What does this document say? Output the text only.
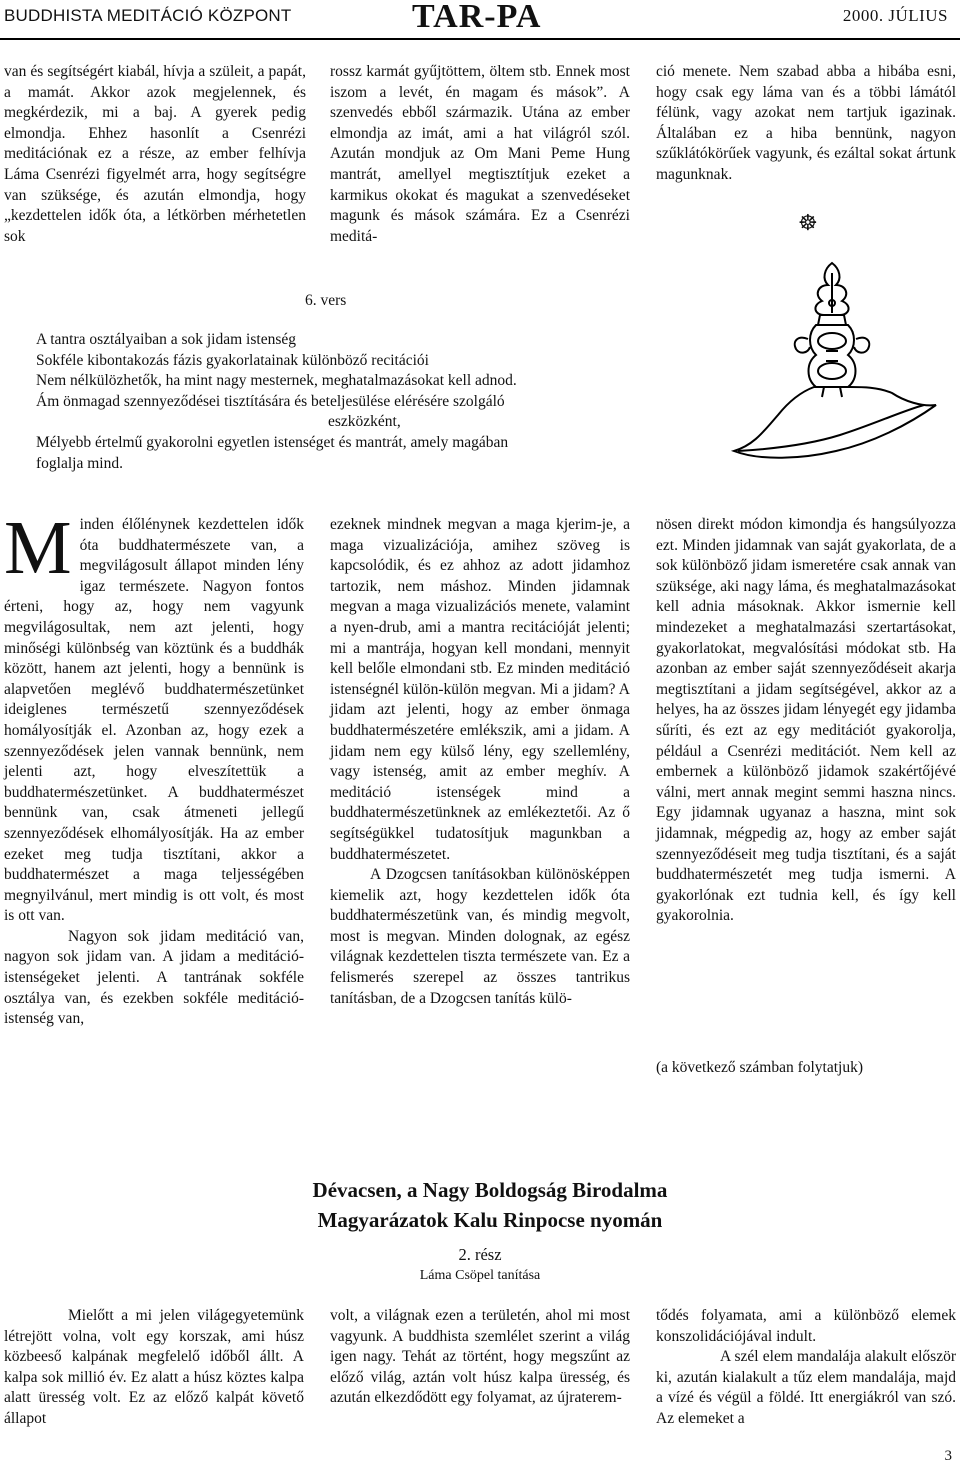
BUDDHISTA MEDITÁCIÓ KÖZPONT	TAR-PA	2000. JÚLIUS

van és segítségért kiabál, hívja a szüleit, a papát, a mamát. Akkor azok megjelennek, és megkérdezik, mi a baj. A gyerek pedig elmondja. Ehhez hasonlít a Csenrézi meditációnak ez a része, az ember felhívja Láma Csenrézi figyelmét arra, hogy segítségre van szüksége, és azután elmondja, hogy „kezdettelen idők óta, a létkörben mérhetetlen sok

rossz karmát gyűjtöttem, öltem stb. Ennek most iszom a levét, én magam és mások”. A szenvedés ebből származik. Utána az ember elmondja az imát, ami a hat világról szól. Azután mondjuk az Om Mani Peme Hung mantrát, amellyel megtisztítjuk ezeket a karmikus okokat és magukat a szenvedéseket magunk és mások számára. Ez a Csenrézi meditá-

ció menete. Nem szabad abba a hibába esni, hogy csak egy láma van és a többi lámától félünk, vagy azokat nem tartjuk igazinak. Általában ez a hiba bennünk, nagyon szűklátókörűek vagyunk, és ezáltal sokat ártunk magunknak.

☸
6. vers
A tantra osztályaiban a sok jidam istenség
Sokféle kibontakozás fázis gyakorlatainak különböző recitációi
Nem nélkülözhetők, ha mint nagy mesternek, meghatalmazásokat kell adnod.
Ám önmagad szennyeződései tisztítására és beteljesülése elérésére szolgáló
eszközként,
Mélyebb értelmű gyakorolni egyetlen istenséget és mantrát, amely magában
foglalja mind.

Minden élőlénynek kezdettelen idők óta buddhatermészete van, a megvilágosult állapot minden lény igaz természete. Nagyon fontos érteni, hogy az, hogy nem vagyunk megvilágosultak, nem azt jelenti, hogy minőségi különbség van köztünk és a buddhák között, hanem azt jelenti, hogy a bennünk is alapvetően meglévő buddhatermészetünket ideiglenes természetű szennyeződések homályosítják el. Azonban az, hogy ezek a szennyeződések jelen vannak bennünk, nem jelenti azt, hogy elveszítettük a buddhatermészetünket. A buddhatermészet bennünk van, csak átmeneti jellegű szennyeződések elhomályosítják. Ha az ember ezeket meg tudja tisztítani, akkor a buddhatermészet a maga teljességében megnyilvánul, mert mindig is ott volt, és most is ott van.

Nagyon sok jidam meditáció van, nagyon sok jidam van. A jidam a meditáció-istenségeket jelenti. A tantrának sokféle osztálya van, és ezekben sokféle meditáció-istenség van,

ezeknek mindnek megvan a maga kjerim-je, a maga vizualizációja, amihez szöveg is kapcsolódik, és ez ahhoz az adott jidamhoz tartozik, nem máshoz. Minden jidamnak megvan a maga vizualizációs menete, valamint a nyen-drub, ami a mantra recitációját jelenti; mi a mantrája, hogyan kell mondani, mennyit kell belőle elmondani stb. Ez minden meditáció istenségnél külön-külön megvan. Mi a jidam? A jidam azt jelenti, hogy az ember önmaga buddhatermészetére emlékszik, ami a jidam. A jidam nem egy külső lény, egy szellemlény, vagy istenség, amit az ember meghív. A meditáció istenségek mind a buddhatermészetünknek az emlékeztetői. Az ő segítségükkel tudatosítjuk magunkban a buddhatermészetet.

A Dzogcsen tanításokban különösképpen kiemelik azt, hogy kezdettelen idők óta buddhatermészetünk van, és mindig megvolt, most is megvan. Minden dolognak, az egész világnak kezdettelen tiszta természete van. Ez a felismerés szerepel az összes tantrikus tanításban, de a Dzogcsen tanítás külö-

nösen direkt módon kimondja és hangsúlyozza ezt. Minden jidamnak van saját gyakorlata, de a sok különböző jidam ismeretére csak annak van szüksége, aki nagy láma, és meghatalmazásokat kell adnia másoknak. Akkor ismernie kell mindezeket a meghatalmazási szertartásokat, gyakorlatokat, megvalósítási módokat stb. Ha azonban az ember saját szennyeződéseit akarja megtisztítani a jidam segítségével, akkor az a helyes, ha az összes jidam lényegét egy jidamba sűríti, és ezt az egy meditációt gyakorolja, például a Csenrézi meditációt. Nem kell az embernek a különböző jidamok szakértőjévé válni, mert annak megint semmi haszna nincs. Egy jidamnak ugyanaz a haszna, mint sok jidamnak, mégpedig az, hogy az ember saját szennyeződéseit meg tudja tisztítani, és a saját buddhatermészetét meg tudja ismerni. A gyakorlónak ezt tudnia kell, és így kell gyakorolnia.

(a következő számban folytatjuk)
Dévacsen, a Nagy Boldogság Birodalma
Magyarázatok Kalu Rinpocse nyomán
2. rész
Láma Csöpel tanítása

Mielőtt a mi jelen világegyetemünk létrejött volna, volt egy korszak, ami húsz közbeeső kalpának megfelelő időből állt. A kalpa sok millió év. Ez alatt a húsz köztes kalpa alatt üresség volt. Ez az előző kalpát követő állapot

volt, a világnak ezen a területén, ahol mi most vagyunk. A buddhista szemlélet szerint a világ igen nagy. Tehát az történt, hogy megszűnt az előző világ, aztán volt húsz kalpa üresség, és azután elkezdődött egy folyamat, az újraterem-

tődés folyamata, ami a különböző elemek konszolidációjával indult.

A szél elem mandalája alakult először ki, azután kialakult a tűz elem mandalája, majd a vízé és végül a földé. Itt energiákról van szó. Az elemeket a

3
